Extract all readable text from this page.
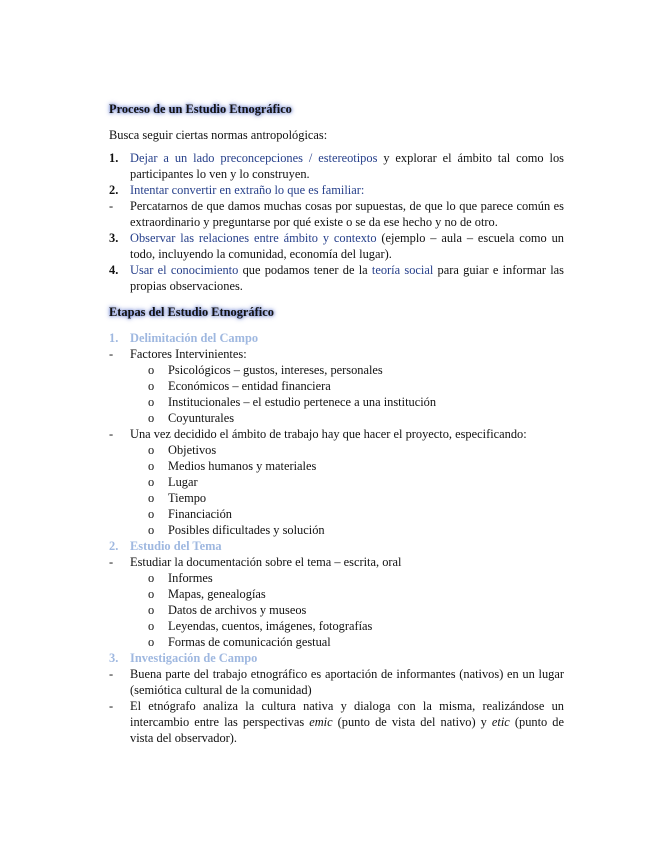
Proceso de un Estudio Etnográfico

Busca seguir ciertas normas antropológicas:

1. Dejar a un lado preconcepciones / estereotipos y explorar el ámbito tal como los participantes lo ven y lo construyen.
2. Intentar convertir en extraño lo que es familiar:
-	Percatarnos de que damos muchas cosas por supuestas, de que lo que parece común es extraordinario y preguntarse por qué existe o se da ese hecho y no de otro.
3. Observar las relaciones entre ámbito y contexto (ejemplo – aula – escuela como un todo, incluyendo la comunidad, economía del lugar).
4. Usar el conocimiento que podamos tener de la teoría social para guiar e informar las propias observaciones.

Etapas del Estudio Etnográfico

1. Delimitación del Campo
-	Factores Intervinientes:
o	Psicológicos – gustos, intereses, personales
o	Económicos – entidad financiera
o	Institucionales – el estudio pertenece a una institución
o	Coyunturales
-	Una vez decidido el ámbito de trabajo hay que hacer el proyecto, especificando:
o	Objetivos
o	Medios humanos y materiales
o	Lugar
o	Tiempo
o	Financiación
o	Posibles dificultades y solución
2. Estudio del Tema
-	Estudiar la documentación sobre el tema – escrita, oral
o	Informes
o	Mapas, genealogías
o	Datos de archivos y museos
o	Leyendas, cuentos, imágenes, fotografías
o	Formas de comunicación gestual
3. Investigación de Campo
-	Buena parte del trabajo etnográfico es aportación de informantes (nativos) en un lugar (semiótica cultural de la comunidad)
-	El etnógrafo analiza la cultura nativa y dialoga con la misma, realizándose un intercambio entre las perspectivas emic (punto de vista del nativo) y etic (punto de vista del observador).
